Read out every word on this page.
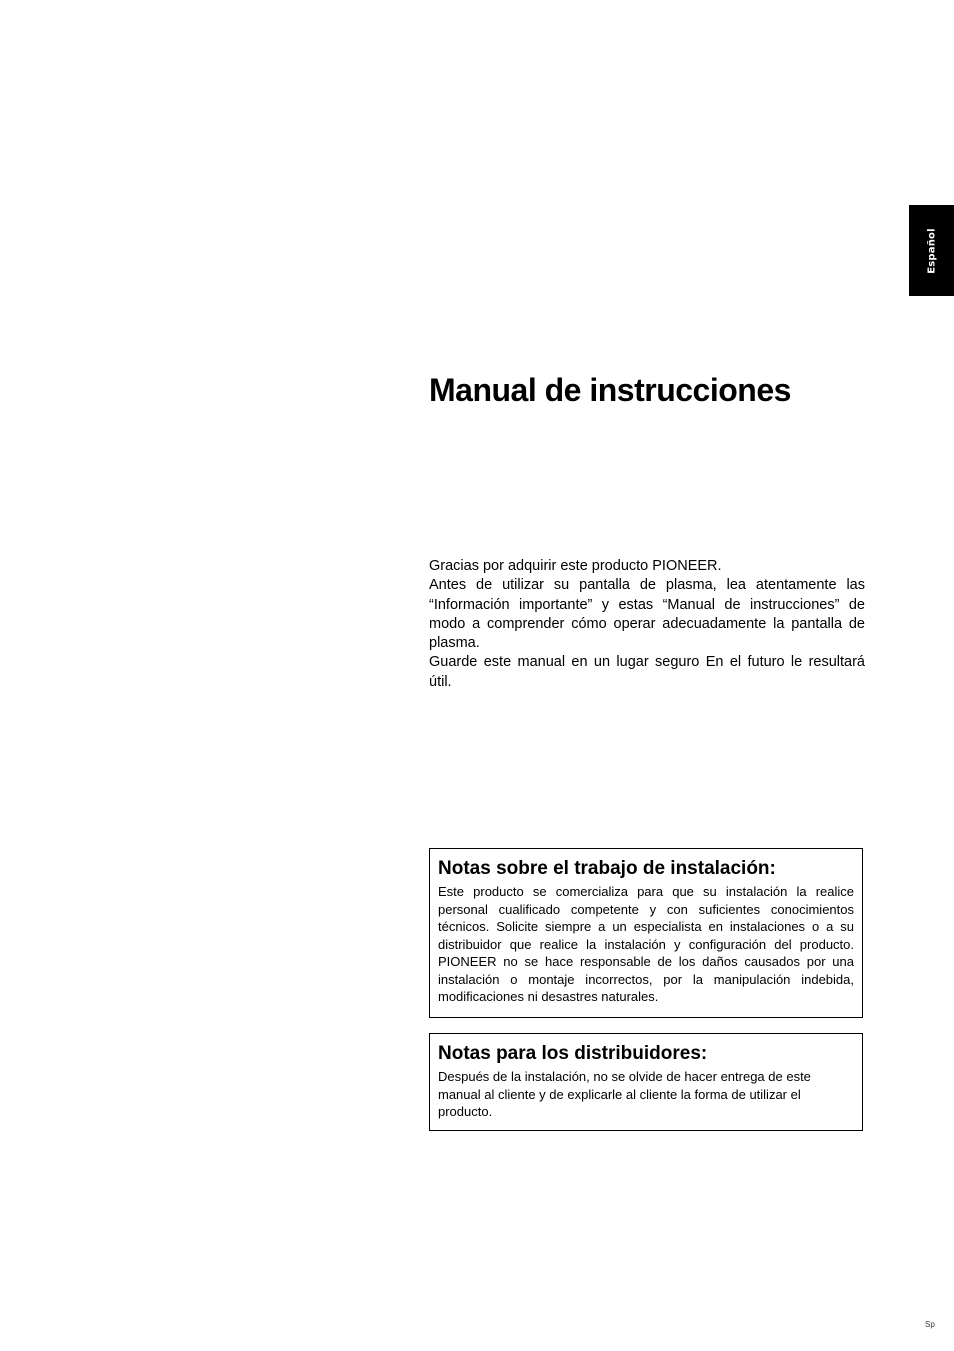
Español
Manual de instrucciones

Gracias por adquirir este producto PIONEER.

Antes de utilizar su pantalla de plasma, lea atentamente las “Información importante” y estas “Manual de instrucciones” de modo a comprender cómo operar adecuadamente la pantalla de plasma.

Guarde este manual en un lugar seguro En el futuro le resultará útil.

Notas sobre el trabajo de instalación:

Este producto se comercializa para que su instalación la realice personal cualificado competente y con suficientes conocimientos técnicos. Solicite siempre a un especialista en instalaciones o a su distribuidor que realice la instalación y configuración del producto. PIONEER no se hace responsable de los daños causados por una instalación o montaje incorrectos, por la manipulación indebida, modificaciones ni desastres naturales.

Notas para los distribuidores:

Después de la instalación, no se olvide de hacer entrega de este manual al cliente y de explicarle al cliente la forma de utilizar el producto.

Sp
